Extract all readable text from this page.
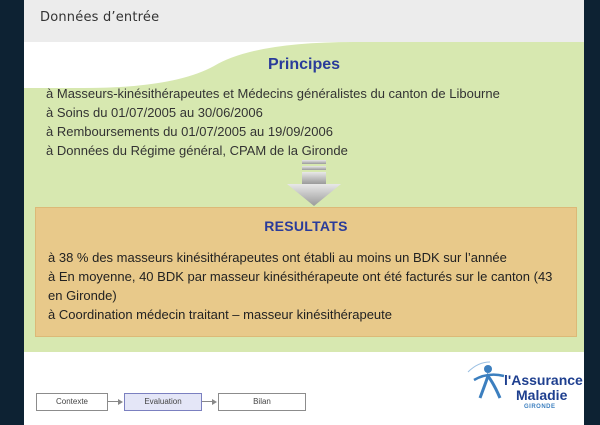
Données d’entrée
Principes
à Masseurs-kinésithérapeutes et Médecins généralistes du canton de Libourne
à Soins du 01/07/2005 au 30/06/2006
à Remboursements du 01/07/2005 au 19/09/2006
à Données du Régime général, CPAM de la Gironde
RESULTATS
à 38 % des masseurs kinésithérapeutes ont établi au moins un BDK sur l’année
à En moyenne, 40 BDK par masseur kinésithérapeute ont été facturés sur le canton (43 en Gironde)
à Coordination médecin traitant – masseur kinésithérapeute
Contexte	Evaluation	Bilan
l'Assurance
Maladie
GIRONDE
